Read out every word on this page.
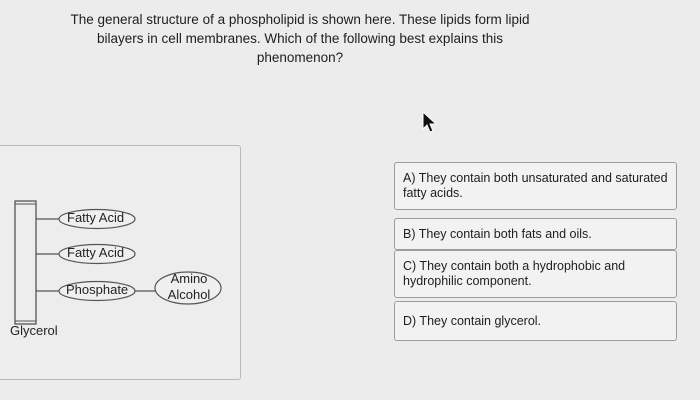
The general structure of a phospholipid is shown here. These lipids form lipid
bilayers in cell membranes. Which of the following best explains this
phenomenon?
Fatty Acid
Fatty Acid
Phosphate
Amino
Alcohol
Glycerol
A) They contain both unsaturated and saturated
fatty acids.
B) They contain both fats and oils.
C) They contain both a hydrophobic and
hydrophilic component.
D) They contain glycerol.
